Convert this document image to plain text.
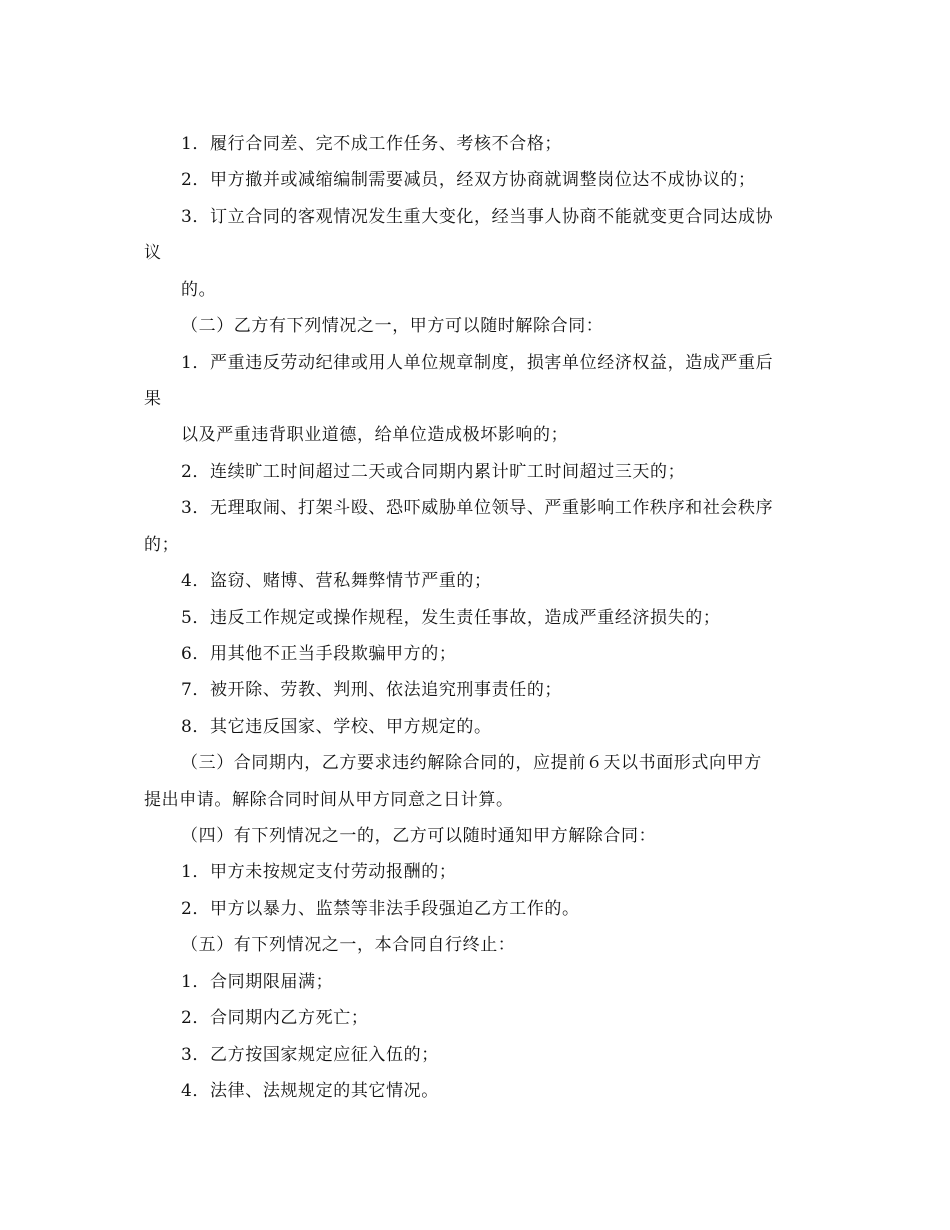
1．履行合同差、完不成工作任务、考核不合格；
2．甲方撤并或减缩编制需要减员，经双方协商就调整岗位达不成协议的；
3．订立合同的客观情况发生重大变化，经当事人协商不能就变更合同达成协
议
的。
（二）乙方有下列情况之一，甲方可以随时解除合同：
1．严重违反劳动纪律或用人单位规章制度，损害单位经济权益，造成严重后
果
以及严重违背职业道德，给单位造成极坏影响的；
2．连续旷工时间超过二天或合同期内累计旷工时间超过三天的；
3．无理取闹、打架斗殴、恐吓威胁单位领导、严重影响工作秩序和社会秩序
的；
4．盗窃、赌博、营私舞弊情节严重的；
5．违反工作规定或操作规程，发生责任事故，造成严重经济损失的；
6．用其他不正当手段欺骗甲方的；
7．被开除、劳教、判刑、依法追究刑事责任的；
8．其它违反国家、学校、甲方规定的。
（三）合同期内，乙方要求违约解除合同的，应提前６天以书面形式向甲方
提出申请。解除合同时间从甲方同意之日计算。
（四）有下列情况之一的，乙方可以随时通知甲方解除合同：
1．甲方未按规定支付劳动报酬的；
2．甲方以暴力、监禁等非法手段强迫乙方工作的。
（五）有下列情况之一，本合同自行终止：
1．合同期限届满；
2．合同期内乙方死亡；
3．乙方按国家规定应征入伍的；
4．法律、法规规定的其它情况。
